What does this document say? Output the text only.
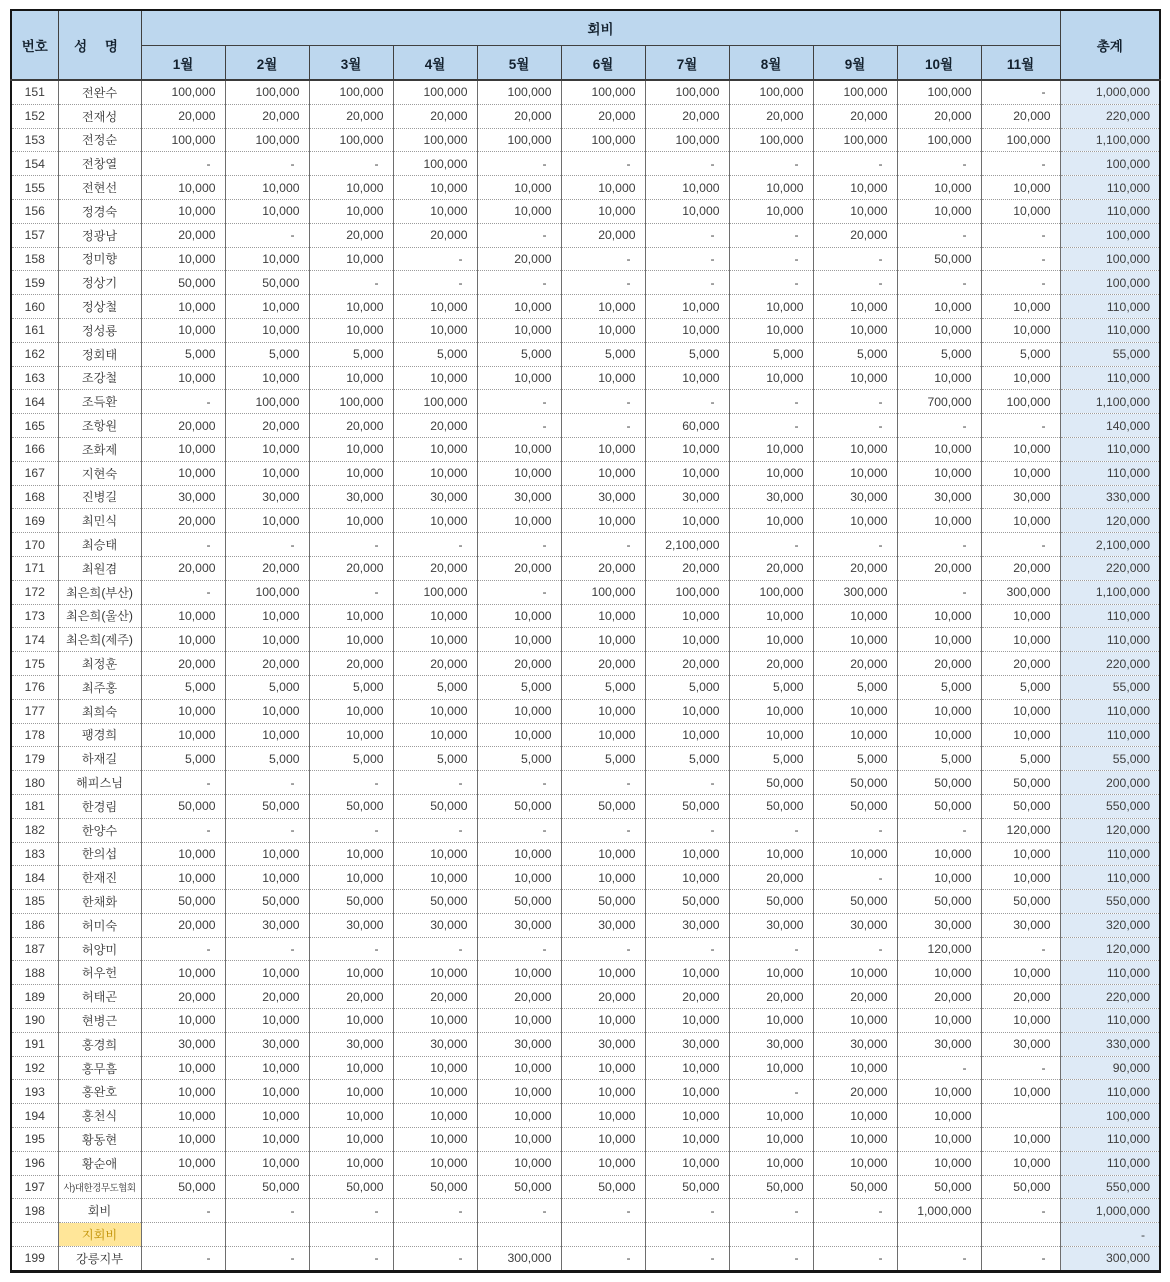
번호	성 명	회비											총계
		1월	2월	3월	4월	5월	6월	7월	8월	9월	10월	11월	
151	전완수	100,000	100,000	100,000	100,000	100,000	100,000	100,000	100,000	100,000	100,000	-	1,000,000
152	전재성	20,000	20,000	20,000	20,000	20,000	20,000	20,000	20,000	20,000	20,000	20,000	220,000
153	전정순	100,000	100,000	100,000	100,000	100,000	100,000	100,000	100,000	100,000	100,000	100,000	1,100,000
154	전창열	-	-	-	100,000	-	-	-	-	-	-	-	100,000
155	전현선	10,000	10,000	10,000	10,000	10,000	10,000	10,000	10,000	10,000	10,000	10,000	110,000
156	정경숙	10,000	10,000	10,000	10,000	10,000	10,000	10,000	10,000	10,000	10,000	10,000	110,000
157	정광남	20,000	-	20,000	20,000	-	20,000	-	-	20,000	-	-	100,000
158	정미향	10,000	10,000	10,000	-	20,000	-	-	-	-	50,000	-	100,000
159	정상기	50,000	50,000	-	-	-	-	-	-	-	-	-	100,000
160	정상철	10,000	10,000	10,000	10,000	10,000	10,000	10,000	10,000	10,000	10,000	10,000	110,000
161	정성룡	10,000	10,000	10,000	10,000	10,000	10,000	10,000	10,000	10,000	10,000	10,000	110,000
162	정회태	5,000	5,000	5,000	5,000	5,000	5,000	5,000	5,000	5,000	5,000	5,000	55,000
163	조강철	10,000	10,000	10,000	10,000	10,000	10,000	10,000	10,000	10,000	10,000	10,000	110,000
164	조득환	-	100,000	100,000	100,000	-	-	-	-	-	700,000	100,000	1,100,000
165	조항원	20,000	20,000	20,000	20,000	-	-	60,000	-	-	-	-	140,000
166	조화제	10,000	10,000	10,000	10,000	10,000	10,000	10,000	10,000	10,000	10,000	10,000	110,000
167	지현숙	10,000	10,000	10,000	10,000	10,000	10,000	10,000	10,000	10,000	10,000	10,000	110,000
168	진병길	30,000	30,000	30,000	30,000	30,000	30,000	30,000	30,000	30,000	30,000	30,000	330,000
169	최민식	20,000	10,000	10,000	10,000	10,000	10,000	10,000	10,000	10,000	10,000	10,000	120,000
170	최승태	-	-	-	-	-	-	2,100,000	-	-	-	-	2,100,000
171	최원겸	20,000	20,000	20,000	20,000	20,000	20,000	20,000	20,000	20,000	20,000	20,000	220,000
172	최은희(부산)	-	100,000	-	100,000	-	100,000	100,000	100,000	300,000	-	300,000	1,100,000
173	최은희(울산)	10,000	10,000	10,000	10,000	10,000	10,000	10,000	10,000	10,000	10,000	10,000	110,000
174	최은희(제주)	10,000	10,000	10,000	10,000	10,000	10,000	10,000	10,000	10,000	10,000	10,000	110,000
175	최정훈	20,000	20,000	20,000	20,000	20,000	20,000	20,000	20,000	20,000	20,000	20,000	220,000
176	최주홍	5,000	5,000	5,000	5,000	5,000	5,000	5,000	5,000	5,000	5,000	5,000	55,000
177	최희숙	10,000	10,000	10,000	10,000	10,000	10,000	10,000	10,000	10,000	10,000	10,000	110,000
178	팽경희	10,000	10,000	10,000	10,000	10,000	10,000	10,000	10,000	10,000	10,000	10,000	110,000
179	하재길	5,000	5,000	5,000	5,000	5,000	5,000	5,000	5,000	5,000	5,000	5,000	55,000
180	해피스님	-	-	-	-	-	-	-	50,000	50,000	50,000	50,000	200,000
181	한경림	50,000	50,000	50,000	50,000	50,000	50,000	50,000	50,000	50,000	50,000	50,000	550,000
182	한양수	-	-	-	-	-	-	-	-	-	-	120,000	120,000
183	한의섭	10,000	10,000	10,000	10,000	10,000	10,000	10,000	10,000	10,000	10,000	10,000	110,000
184	한재진	10,000	10,000	10,000	10,000	10,000	10,000	10,000	20,000	-	10,000	10,000	110,000
185	한채화	50,000	50,000	50,000	50,000	50,000	50,000	50,000	50,000	50,000	50,000	50,000	550,000
186	허미숙	20,000	30,000	30,000	30,000	30,000	30,000	30,000	30,000	30,000	30,000	30,000	320,000
187	허양미	-	-	-	-	-	-	-	-	-	120,000	-	120,000
188	허우헌	10,000	10,000	10,000	10,000	10,000	10,000	10,000	10,000	10,000	10,000	10,000	110,000
189	허태곤	20,000	20,000	20,000	20,000	20,000	20,000	20,000	20,000	20,000	20,000	20,000	220,000
190	현병근	10,000	10,000	10,000	10,000	10,000	10,000	10,000	10,000	10,000	10,000	10,000	110,000
191	홍경희	30,000	30,000	30,000	30,000	30,000	30,000	30,000	30,000	30,000	30,000	30,000	330,000
192	홍무흠	10,000	10,000	10,000	10,000	10,000	10,000	10,000	10,000	10,000	-	-	90,000
193	홍완호	10,000	10,000	10,000	10,000	10,000	10,000	10,000	-	20,000	10,000	10,000	110,000
194	홍천식	10,000	10,000	10,000	10,000	10,000	10,000	10,000	10,000	10,000	10,000		100,000
195	황동현	10,000	10,000	10,000	10,000	10,000	10,000	10,000	10,000	10,000	10,000	10,000	110,000
196	황순애	10,000	10,000	10,000	10,000	10,000	10,000	10,000	10,000	10,000	10,000	10,000	110,000
197	사)대한경무도협회	50,000	50,000	50,000	50,000	50,000	50,000	50,000	50,000	50,000	50,000	50,000	550,000
198	회비	-	-	-	-	-	-	-	-	-	1,000,000	-	1,000,000
	지회비												-
199	강릉지부	-	-	-	-	300,000	-	-	-	-	-	-	300,000
